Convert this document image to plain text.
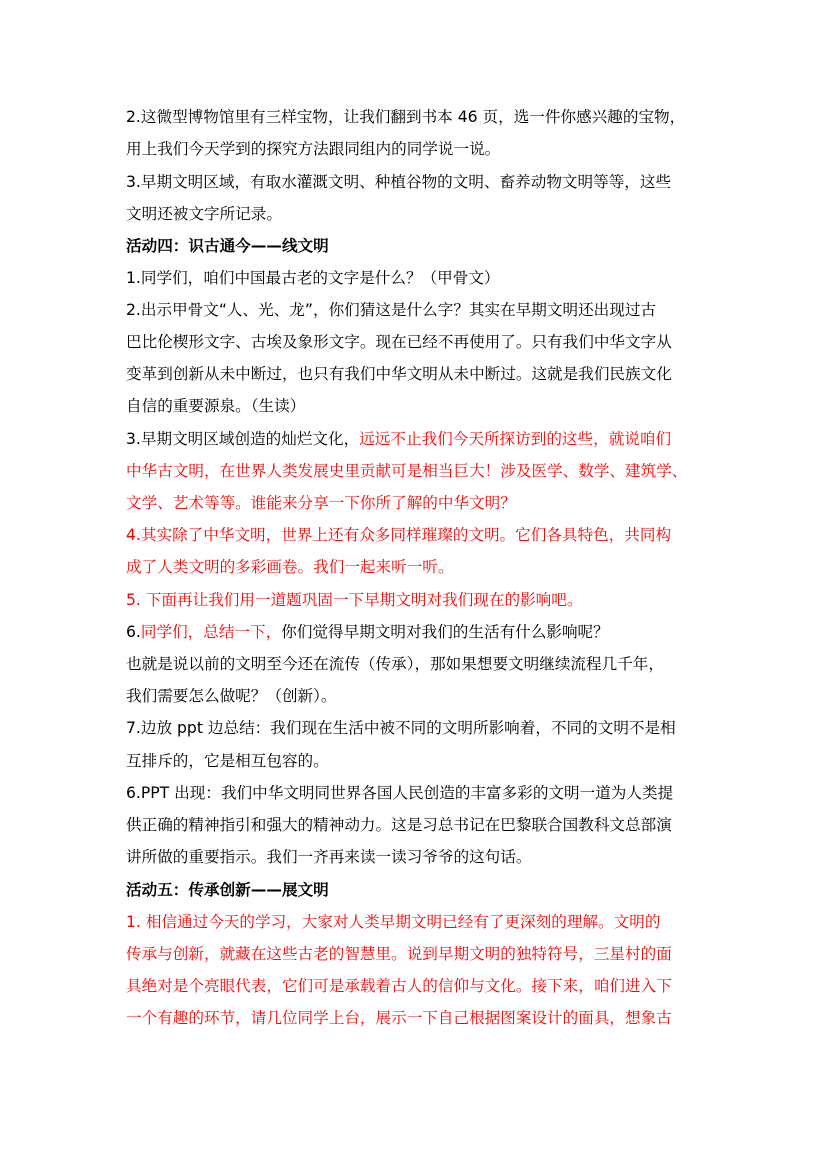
2.这微型博物馆里有三样宝物，让我们翻到书本 46 页，选一件你感兴趣的宝物，
用上我们今天学到的探究方法跟同组内的同学说一说。
3.早期文明区域，有取水灌溉文明、种植谷物的文明、畜养动物文明等等，这些
文明还被文字所记录。
活动四：识古通今——线文明
1.同学们，咱们中国最古老的文字是什么？（甲骨文）
2.出示甲骨文“人、光、龙”，你们猜这是什么字？其实在早期文明还出现过古
巴比伦楔形文字、古埃及象形文字。现在已经不再使用了。只有我们中华文字从
变革到创新从未中断过，也只有我们中华文明从未中断过。这就是我们民族文化
自信的重要源泉。（生读）
3.早期文明区域创造的灿烂文化，远远不止我们今天所探访到的这些，就说咱们
中华古文明，在世界人类发展史里贡献可是相当巨大！涉及医学、数学、建筑学、
文学、艺术等等。谁能来分享一下你所了解的中华文明？
4.其实除了中华文明，世界上还有众多同样璀璨的文明。它们各具特色，共同构
成了人类文明的多彩画卷。我们一起来听一听。
5. 下面再让我们用一道题巩固一下早期文明对我们现在的影响吧。
6.同学们，总结一下，你们觉得早期文明对我们的生活有什么影响呢？
也就是说以前的文明至今还在流传（传承），那如果想要文明继续流程几千年，
我们需要怎么做呢？（创新）。
7.边放 ppt 边总结：我们现在生活中被不同的文明所影响着，不同的文明不是相
互排斥的，它是相互包容的。
6.PPT 出现：我们中华文明同世界各国人民创造的丰富多彩的文明一道为人类提
供正确的精神指引和强大的精神动力。这是习总书记在巴黎联合国教科文总部演
讲所做的重要指示。我们一齐再来读一读习爷爷的这句话。
活动五：传承创新——展文明
1. 相信通过今天的学习，大家对人类早期文明已经有了更深刻的理解。文明的
传承与创新，就藏在这些古老的智慧里。说到早期文明的独特符号，三星村的面
具绝对是个亮眼代表，它们可是承载着古人的信仰与文化。接下来，咱们进入下
一个有趣的环节，请几位同学上台，展示一下自己根据图案设计的面具，想象古
